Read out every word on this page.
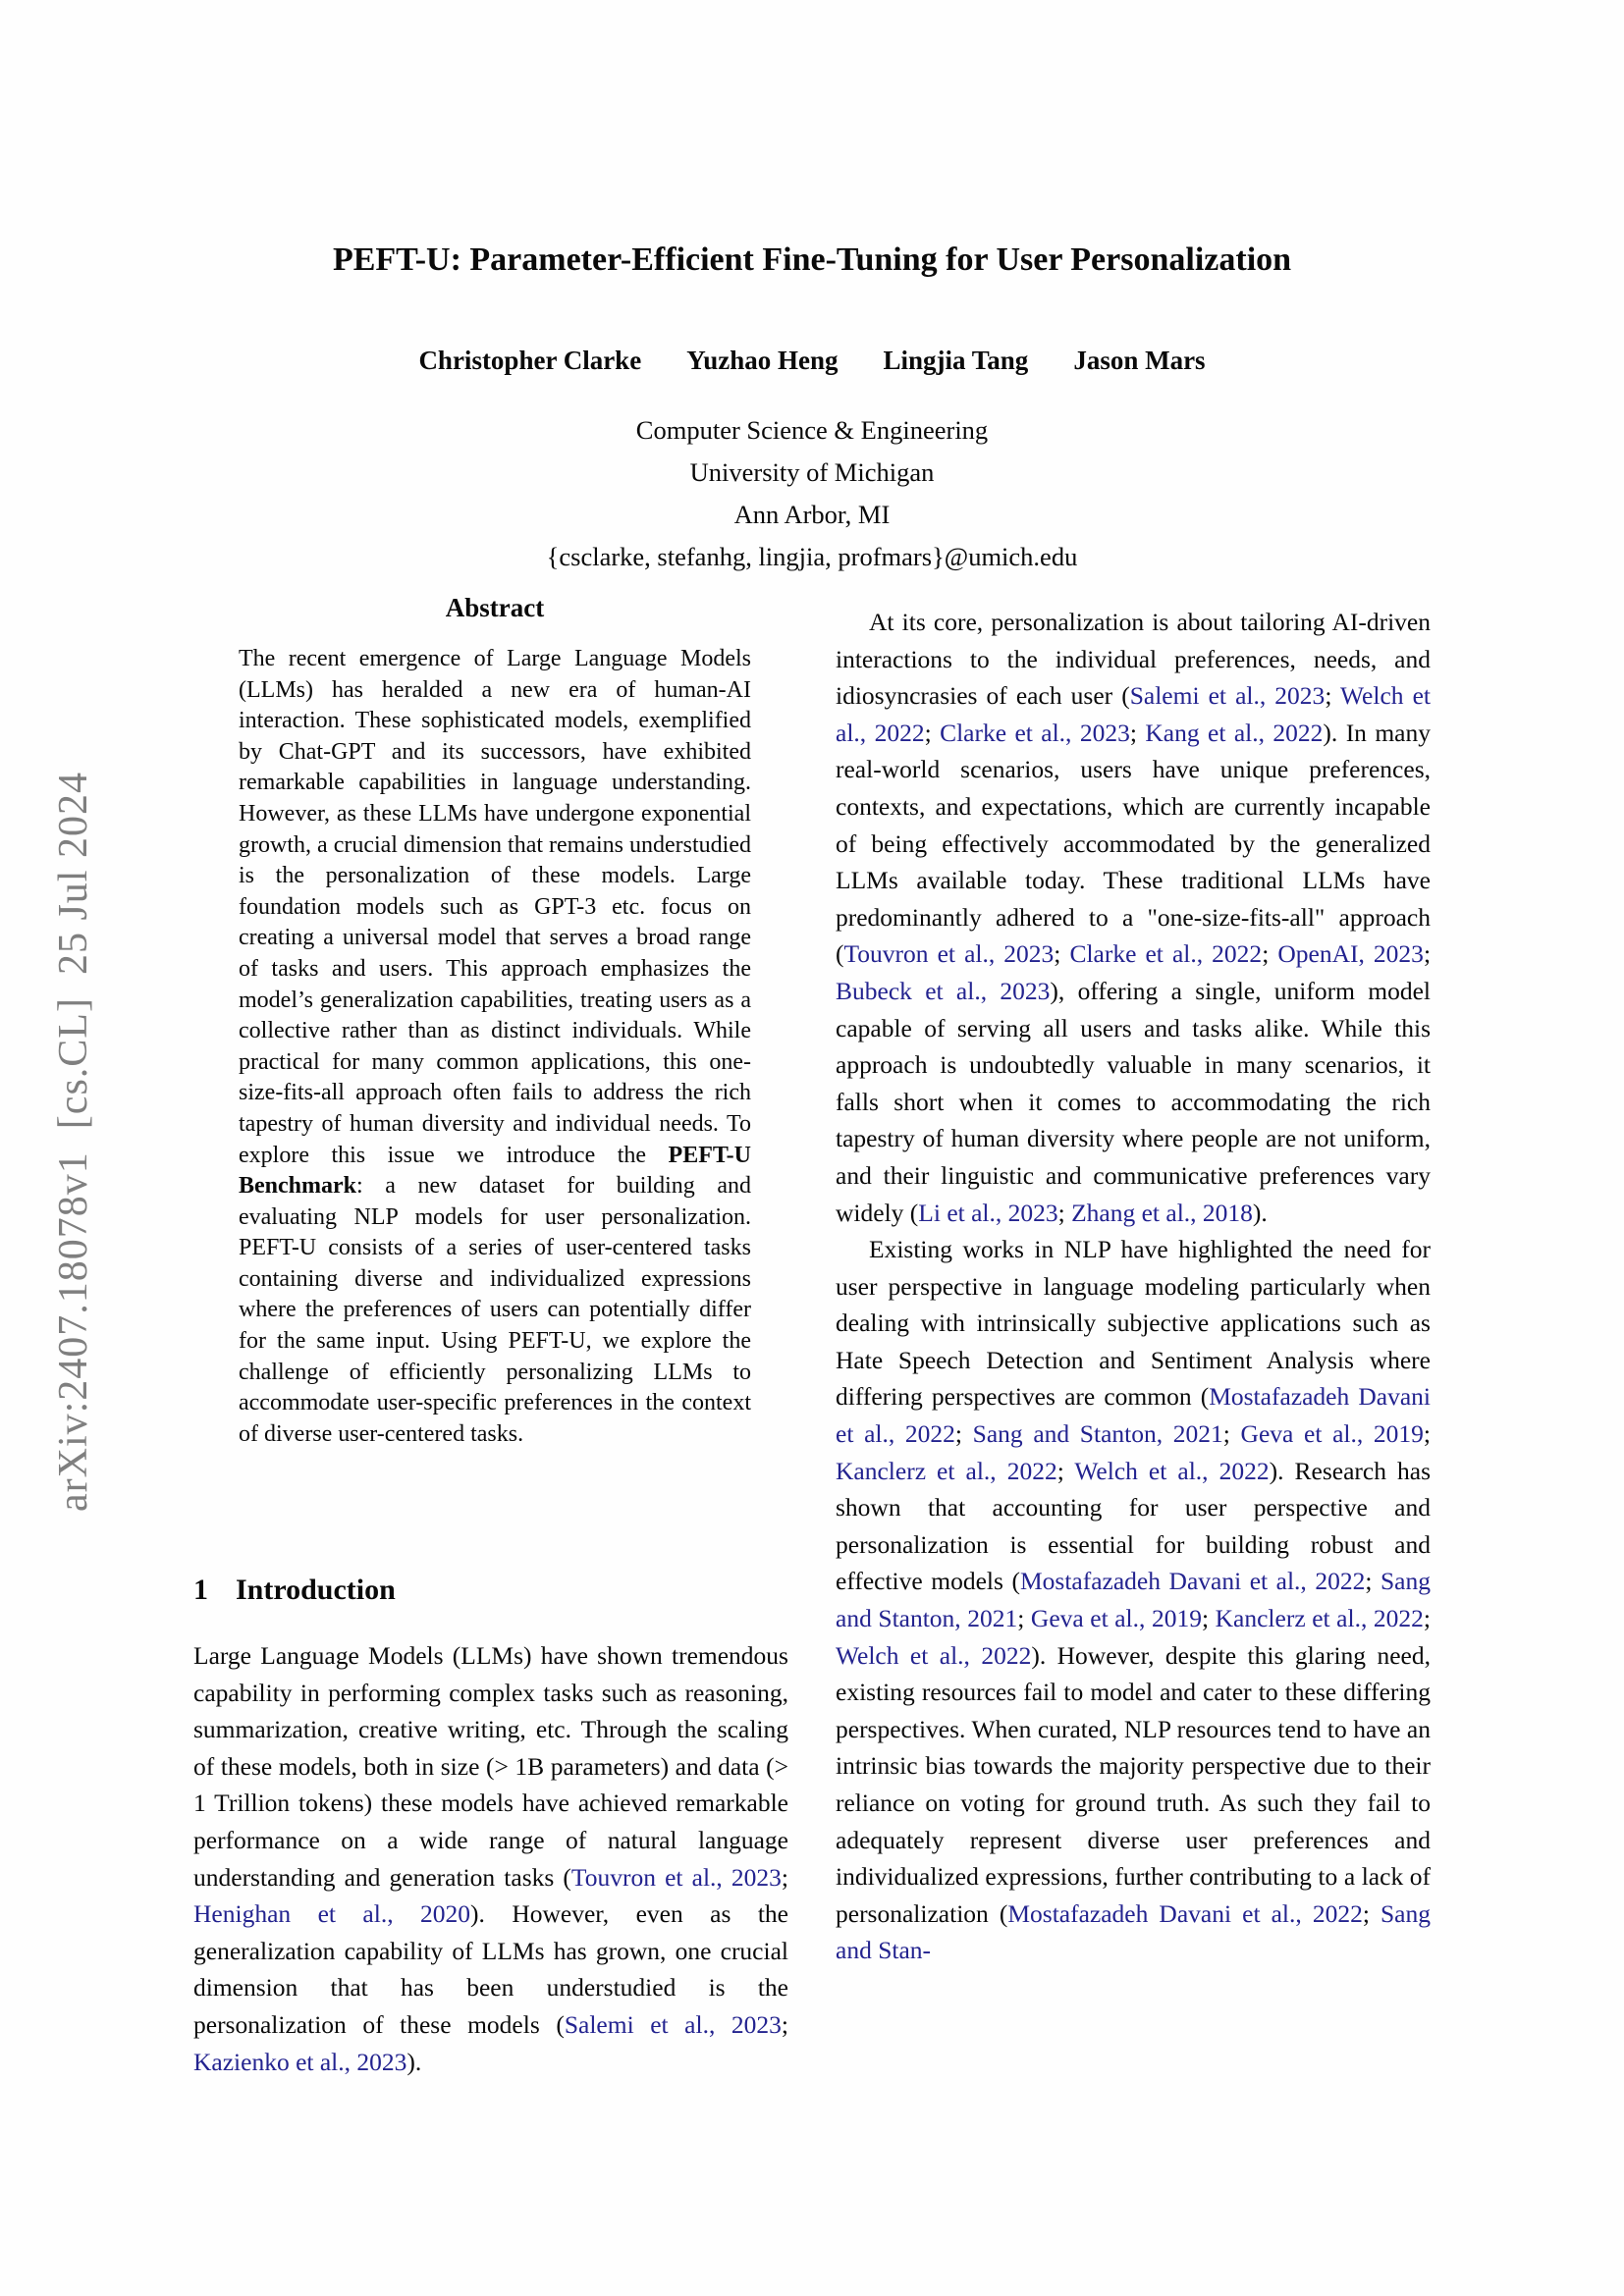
arXiv:2407.18078v1  [cs.CL]  25 Jul 2024
PEFT-U: Parameter-Efficient Fine-Tuning for User Personalization
Christopher Clarke Yuzhao Heng Lingjia Tang Jason Mars
Computer Science & Engineering
University of Michigan
Ann Arbor, MI
{csclarke, stefanhg, lingjia, profmars}@umich.edu
Abstract
The recent emergence of Large Language Models (LLMs) has heralded a new era of human-AI interaction. These sophisticated models, exemplified by Chat-GPT and its successors, have exhibited remarkable capabilities in language understanding. However, as these LLMs have undergone exponential growth, a crucial dimension that remains understudied is the personalization of these models. Large foundation models such as GPT-3 etc. focus on creating a universal model that serves a broad range of tasks and users. This approach emphasizes the model’s generalization capabilities, treating users as a collective rather than as distinct individuals. While practical for many common applications, this one-size-fits-all approach often fails to address the rich tapestry of human diversity and individual needs. To explore this issue we introduce the PEFT-U Benchmark: a new dataset for building and evaluating NLP models for user personalization. PEFT-U consists of a series of user-centered tasks containing diverse and individualized expressions where the preferences of users can potentially differ for the same input. Using PEFT-U, we explore the challenge of efficiently personalizing LLMs to accommodate user-specific preferences in the context of diverse user-centered tasks.
1 Introduction
Large Language Models (LLMs) have shown tremendous capability in performing complex tasks such as reasoning, summarization, creative writing, etc. Through the scaling of these models, both in size (> 1B parameters) and data (> 1 Trillion tokens) these models have achieved remarkable performance on a wide range of natural language understanding and generation tasks (Touvron et al., 2023; Henighan et al., 2020). However, even as the generalization capability of LLMs has grown, one crucial dimension that has been understudied is the personalization of these models (Salemi et al., 2023; Kazienko et al., 2023).

At its core, personalization is about tailoring AI-driven interactions to the individual preferences, needs, and idiosyncrasies of each user (Salemi et al., 2023; Welch et al., 2022; Clarke et al., 2023; Kang et al., 2022). In many real-world scenarios, users have unique preferences, contexts, and expectations, which are currently incapable of being effectively accommodated by the generalized LLMs available today. These traditional LLMs have predominantly adhered to a "one-size-fits-all" approach (Touvron et al., 2023; Clarke et al., 2022; OpenAI, 2023; Bubeck et al., 2023), offering a single, uniform model capable of serving all users and tasks alike. While this approach is undoubtedly valuable in many scenarios, it falls short when it comes to accommodating the rich tapestry of human diversity where people are not uniform, and their linguistic and communicative preferences vary widely (Li et al., 2023; Zhang et al., 2018).

Existing works in NLP have highlighted the need for user perspective in language modeling particularly when dealing with intrinsically subjective applications such as Hate Speech Detection and Sentiment Analysis where differing perspectives are common (Mostafazadeh Davani et al., 2022; Sang and Stanton, 2021; Geva et al., 2019; Kanclerz et al., 2022; Welch et al., 2022). Research has shown that accounting for user perspective and personalization is essential for building robust and effective models (Mostafazadeh Davani et al., 2022; Sang and Stanton, 2021; Geva et al., 2019; Kanclerz et al., 2022; Welch et al., 2022). However, despite this glaring need, existing resources fail to model and cater to these differing perspectives. When curated, NLP resources tend to have an intrinsic bias towards the majority perspective due to their reliance on voting for ground truth. As such they fail to adequately represent diverse user preferences and individualized expressions, further contributing to a lack of personalization (Mostafazadeh Davani et al., 2022; Sang and Stan-
